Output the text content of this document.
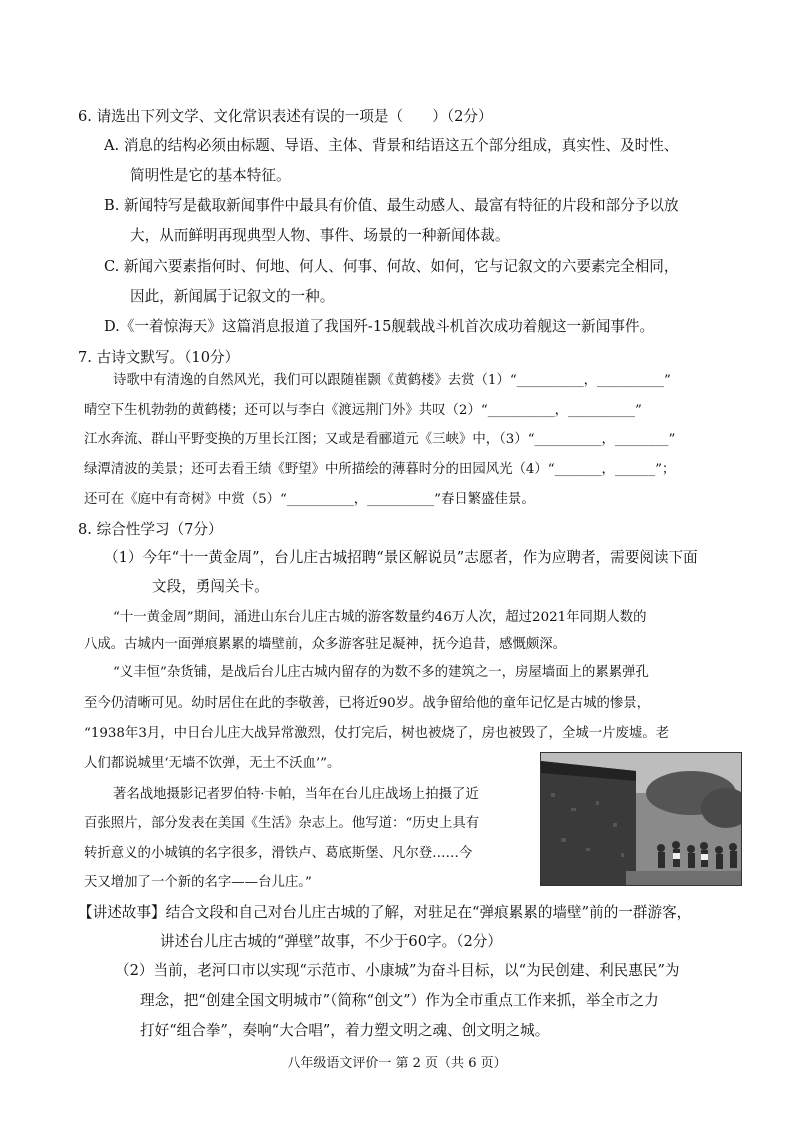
6. 请选出下列文学、文化常识表述有误的一项是（　　）（2分）
A. 消息的结构必须由标题、导语、主体、背景和结语这五个部分组成，真实性、及时性、
简明性是它的基本特征。
B. 新闻特写是截取新闻事件中最具有价值、最生动感人、最富有特征的片段和部分予以放
大，从而鲜明再现典型人物、事件、场景的一种新闻体裁。
C. 新闻六要素指何时、何地、何人、何事、何故、如何，它与记叙文的六要素完全相同，
因此，新闻属于记叙文的一种。
D.《一着惊海天》这篇消息报道了我国歼-15舰载战斗机首次成功着舰这一新闻事件。
7. 古诗文默写。（10分）
诗歌中有清逸的自然风光，我们可以跟随崔颢《黄鹤楼》去赏（1）“__________，__________”
晴空下生机勃勃的黄鹤楼；还可以与李白《渡远荆门外》共叹（2）“__________，__________”
江水奔流、群山平野变换的万里长江图；又或是看郦道元《三峡》中，（3）“__________，________”
绿潭清波的美景；还可去看王绩《野望》中所描绘的薄暮时分的田园风光（4）“_______，______”；
还可在《庭中有奇树》中赏（5）“__________，__________”春日繁盛佳景。
8. 综合性学习（7分）
（1）今年“十一黄金周”，台儿庄古城招聘“景区解说员”志愿者，作为应聘者，需要阅读下面
文段，勇闯关卡。
“十一黄金周”期间，涌进山东台儿庄古城的游客数量约46万人次，超过2021年同期人数的
八成。古城内一面弹痕累累的墙壁前，众多游客驻足凝神，抚今追昔，感慨颇深。
“义丰恒”杂货铺，是战后台儿庄古城内留存的为数不多的建筑之一，房屋墙面上的累累弹孔
至今仍清晰可见。幼时居住在此的李敬善，已将近90岁。战争留给他的童年记忆是古城的惨景，
“1938年3月，中日台儿庄大战异常激烈，仗打完后，树也被烧了，房也被毁了，全城一片废墟。老
人们都说城里‘无墙不饮弹，无土不沃血’”。
著名战地摄影记者罗伯特·卡帕，当年在台儿庄战场上拍摄了近
百张照片，部分发表在美国《生活》杂志上。他写道：“历史上具有
转折意义的小城镇的名字很多，滑铁卢、葛底斯堡、凡尔登……今
天又增加了一个新的名字——台儿庄。”
【讲述故事】结合文段和自己对台儿庄古城的了解，对驻足在“弹痕累累的墙壁”前的一群游客，
讲述台儿庄古城的“弹壁”故事，不少于60字。（2分）
（2）当前，老河口市以实现“示范市、小康城”为奋斗目标，以“为民创建、利民惠民”为
理念，把“创建全国文明城市”（简称“创文”）作为全市重点工作来抓，举全市之力
打好“组合拳”，奏响“大合唱”，着力塑文明之魂、创文明之城。
八年级语文评价一 第 2 页（共 6 页）
